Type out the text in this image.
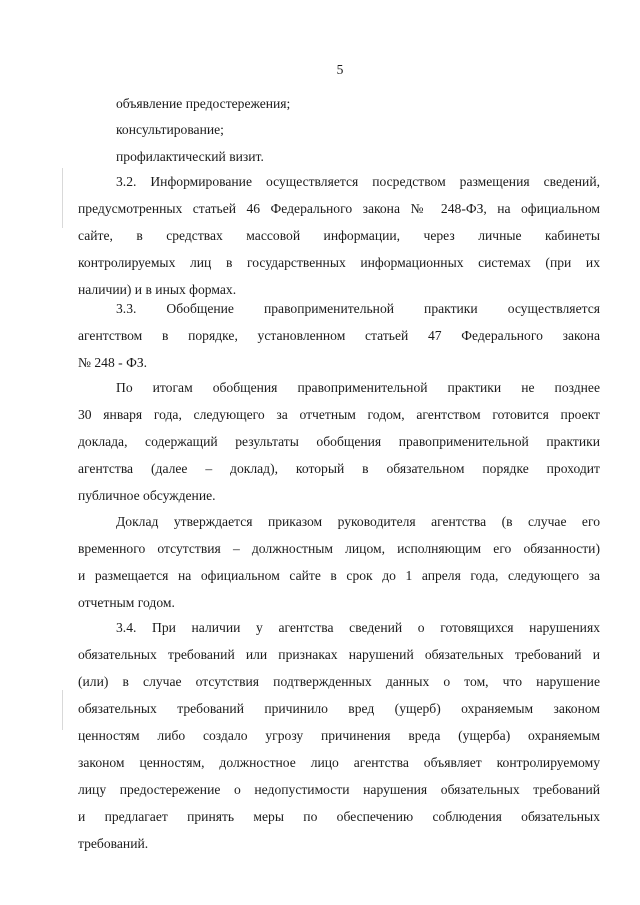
5
объявление предостережения;
консультирование;
профилактический визит.
3.2. Информирование осуществляется посредством размещения сведений,
предусмотренных статьей 46 Федерального закона № 248-ФЗ, на официальном
сайте, в средствах массовой информации, через личные кабинеты
контролируемых лиц в государственных информационных системах (при их
наличии) и в иных формах.
3.3. Обобщение правоприменительной практики осуществляется
агентством в порядке, установленном статьей 47 Федерального закона
№ 248 - ФЗ.
По итогам обобщения правоприменительной практики не позднее
30 января года, следующего за отчетным годом, агентством готовится проект
доклада, содержащий результаты обобщения правоприменительной практики
агентства (далее – доклад), который в обязательном порядке проходит
публичное обсуждение.
Доклад утверждается приказом руководителя агентства (в случае его
временного отсутствия – должностным лицом, исполняющим его обязанности)
и размещается на официальном сайте в срок до 1 апреля года, следующего за
отчетным годом.
3.4. При наличии у агентства сведений о готовящихся нарушениях
обязательных требований или признаках нарушений обязательных требований и
(или) в случае отсутствия подтвержденных данных о том, что нарушение
обязательных требований причинило вред (ущерб) охраняемым законом
ценностям либо создало угрозу причинения вреда (ущерба) охраняемым
законом ценностям, должностное лицо агентства объявляет контролируемому
лицу предостережение о недопустимости нарушения обязательных требований
и предлагает принять меры по обеспечению соблюдения обязательных
требований.
